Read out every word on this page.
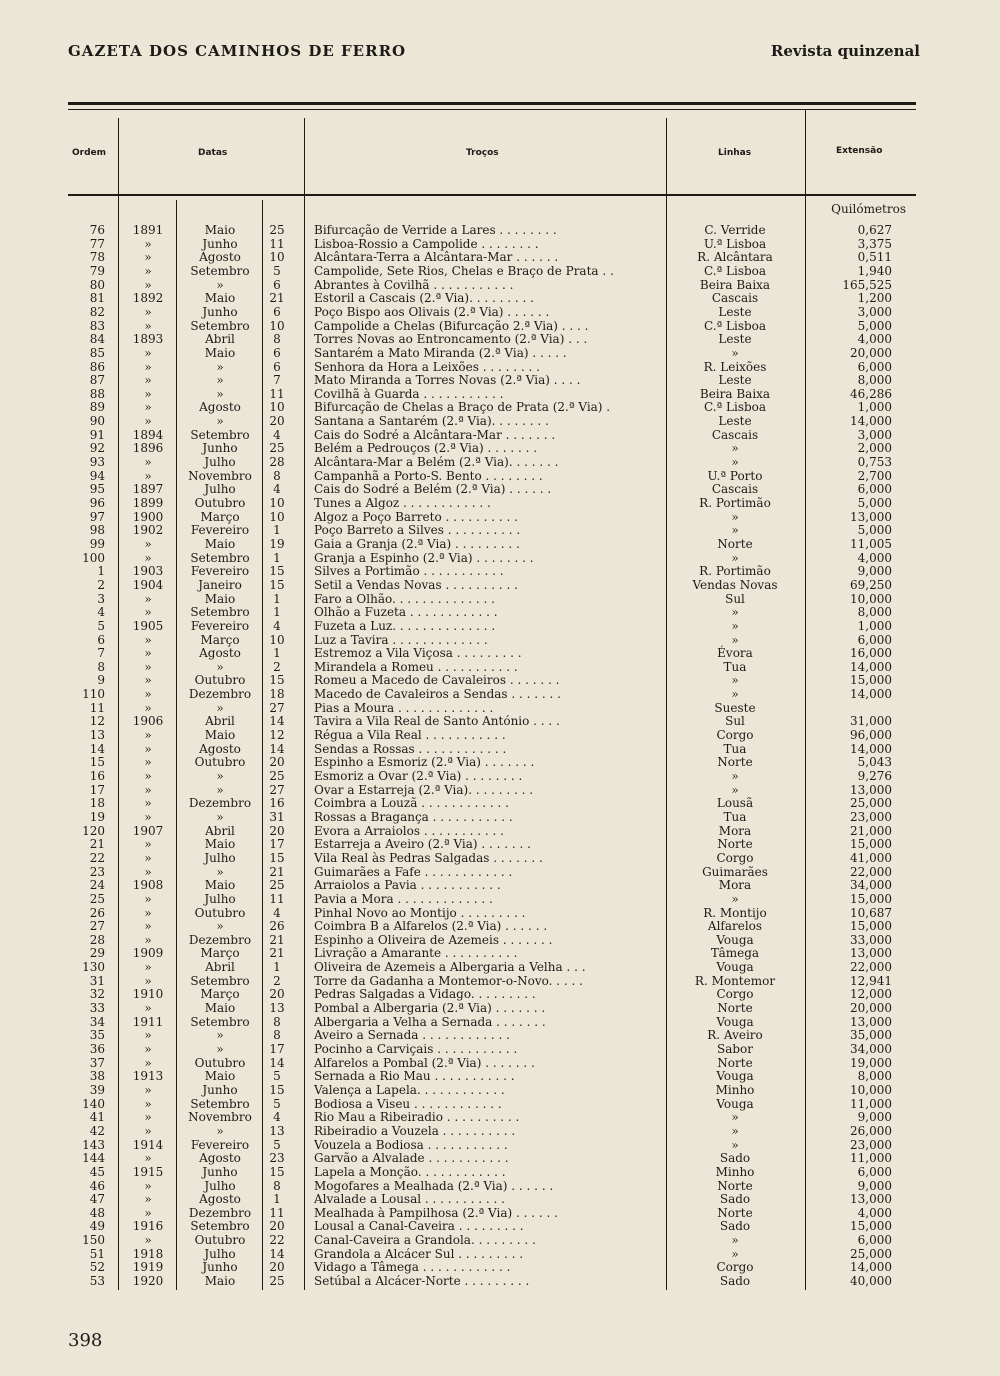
GAZETA DOS CAMINHOS DE FERRO	Revista quinzenal
Ordem	Datas	Troços	Linhas	Extensão
Quilómetros
76	1891	Maio	25	Bifurcação de Verride a Lares . . . . . . . .	C. Verride	0,627
77	»	Junho	11	Lisboa-Rossio a Campolide . . . . . . . .	U.ª Lisboa	3,375
78	»	Agosto	10	Alcântara-Terra a Alcântara-Mar . . . . . .	R. Alcântara	0,511
79	»	Setembro	5	Campolide, Sete Rios, Chelas e Braço de Prata . .	C.ª Lisboa	1,940
80	»	»	6	Abrantes à Covilhã . . . . . . . . . . .	Beira Baixa	165,525
81	1892	Maio	21	Estoril a Cascais (2.ª Via). . . . . . . . .	Cascais	1,200
82	»	Junho	6	Poço Bispo aos Olivais (2.ª Via) . . . . . .	Leste	3,000
83	»	Setembro	10	Campolide a Chelas (Bifurcação 2.ª Via) . . . .	C.ª Lisboa	5,000
84	1893	Abril	8	Torres Novas ao Entroncamento (2.ª Via) . . .	Leste	4,000
85	»	Maio	6	Santarém a Mato Miranda (2.ª Via) . . . . .	»	20,000
86	»	»	6	Senhora da Hora a Leixões . . . . . . . .	R. Leixões	6,000
87	»	»	7	Mato Miranda a Torres Novas (2.ª Via) . . . .	Leste	8,000
88	»	»	11	Covilhã à Guarda . . . . . . . . . . .	Beira Baixa	46,286
89	»	Agosto	10	Bifurcação de Chelas a Braço de Prata (2.ª Via) .	C.ª Lisboa	1,000
90	»	»	20	Santana a Santarém (2.ª Via). . . . . . . .	Leste	14,000
91	1894	Setembro	4	Cais do Sodré a Alcântara-Mar . . . . . . .	Cascais	3,000
92	1896	Junho	25	Belém a Pedrouços (2.ª Via) . . . . . . .	»	2,000
93	»	Julho	28	Alcântara-Mar a Belém (2.ª Via). . . . . . .	»	0,753
94	»	Novembro	8	Campanhã a Porto-S. Bento . . . . . . . .	U.ª Porto	2,700
95	1897	Julho	4	Cais do Sodré a Belém (2.ª Via) . . . . . .	Cascais	6,000
96	1899	Outubro	10	Tunes a Algoz . . . . . . . . . . . .	R. Portimão	5,000
97	1900	Março	10	Algoz a Poço Barreto . . . . . . . . . .	»	13,000
98	1902	Fevereiro	1	Poço Barreto a Silves . . . . . . . . . .	»	5,000
99	»	Maio	19	Gaia a Granja (2.ª Via) . . . . . . . . .	Norte	11,005
100	»	Setembro	1	Granja a Espinho (2.ª Via) . . . . . . . .	»	4,000
1	1903	Fevereiro	15	Silves a Portimão . . . . . . . . . . .	R. Portimão	9,000
2	1904	Janeiro	15	Setil a Vendas Novas . . . . . . . . . .	Vendas Novas	69,250
3	»	Maio	1	Faro a Olhão. . . . . . . . . . . . . .	Sul	10,000
4	»	Setembro	1	Olhão a Fuzeta . . . . . . . . . . . .	»	8,000
5	1905	Fevereiro	4	Fuzeta a Luz. . . . . . . . . . . . . .	»	1,000
6	»	Março	10	Luz a Tavira . . . . . . . . . . . . .	»	6,000
7	»	Agosto	1	Estremoz a Vila Viçosa . . . . . . . . .	Évora	16,000
8	»	»	2	Mirandela a Romeu . . . . . . . . . . .	Tua	14,000
9	»	Outubro	15	Romeu a Macedo de Cavaleiros . . . . . . .	»	15,000
110	»	Dezembro	18	Macedo de Cavaleiros a Sendas . . . . . . .	»	14,000
11	»	»	27	Pias a Moura . . . . . . . . . . . . .	Sueste
12	1906	Abril	14	Tavira a Vila Real de Santo António . . . .	Sul	31,000
13	»	Maio	12	Régua a Vila Real . . . . . . . . . . .	Corgo	96,000
14	»	Agosto	14	Sendas a Rossas . . . . . . . . . . . .	Tua	14,000
15	»	Outubro	20	Espinho a Esmoriz (2.ª Via) . . . . . . .	Norte	5,043
16	»	»	25	Esmoriz a Ovar (2.ª Via) . . . . . . . .	»	9,276
17	»	»	27	Ovar a Estarreja (2.ª Via). . . . . . . . .	»	13,000
18	»	Dezembro	16	Coimbra a Louzã . . . . . . . . . . . .	Lousã	25,000
19	»	»	31	Rossas a Bragança . . . . . . . . . . .	Tua	23,000
120	1907	Abril	20	Évora a Arraiolos . . . . . . . . . . .	Mora	21,000
21	»	Maio	17	Estarreja a Aveiro (2.ª Via) . . . . . . .	Norte	15,000
22	»	Julho	15	Vila Real às Pedras Salgadas . . . . . . .	Corgo	41,000
23	»	»	21	Guimarães a Fafe . . . . . . . . . . . .	Guimarães	22,000
24	1908	Maio	25	Arraiolos a Pavia . . . . . . . . . . .	Mora	34,000
25	»	Julho	11	Pavia a Mora . . . . . . . . . . . . .	»	15,000
26	»	Outubro	4	Pinhal Novo ao Montijo . . . . . . . . .	R. Montijo	10,687
27	»	»	26	Coimbra B a Alfarelos (2.ª Via) . . . . . .	Alfarelos	15,000
28	»	Dezembro	21	Espinho a Oliveira de Azemeis . . . . . . .	Vouga	33,000
29	1909	Março	21	Livração a Amarante . . . . . . . . . .	Tâmega	13,000
130	»	Abril	1	Oliveira de Azemeis a Albergaria a Velha . . .	Vouga	22,000
31	»	Setembro	2	Torre da Gadanha a Montemor-o-Novo. . . . .	R. Montemor	12,941
32	1910	Março	20	Pedras Salgadas a Vidago. . . . . . . . .	Corgo	12,000
33	»	Maio	13	Pombal a Albergaria (2.ª Via) . . . . . . .	Norte	20,000
34	1911	Setembro	8	Albergaria a Velha a Sernada . . . . . . .	Vouga	13,000
35	»	»	8	Aveiro a Sernada . . . . . . . . . . . .	R. Aveiro	35,000
36	»	»	17	Pocinho a Carviçais . . . . . . . . . . .	Sabor	34,000
37	»	Outubro	14	Alfarelos a Pombal (2.ª Via) . . . . . . .	Norte	19,000
38	1913	Maio	5	Sernada a Rio Mau . . . . . . . . . . .	Vouga	8,000
39	»	Junho	15	Valença a Lapela. . . . . . . . . . . .	Minho	10,000
140	»	Setembro	5	Bodiosa a Viseu . . . . . . . . . . . .	Vouga	11,000
41	»	Novembro	4	Rio Mau a Ribeiradio . . . . . . . . . .	»	9,000
42	»	»	13	Ribeiradio a Vouzela . . . . . . . . . .	»	26,000
143	1914	Fevereiro	5	Vouzela a Bodiosa . . . . . . . . . . .	»	23,000
144	»	Agosto	23	Garvão a Alvalade . . . . . . . . . . .	Sado	11,000
45	1915	Junho	15	Lapela a Monção. . . . . . . . . . . .	Minho	6,000
46	»	Julho	8	Mogofares a Mealhada (2.ª Via) . . . . . .	Norte	9,000
47	»	Agosto	1	Alvalade a Lousal . . . . . . . . . . .	Sado	13,000
48	»	Dezembro	11	Mealhada à Pampilhosa (2.ª Via) . . . . . .	Norte	4,000
49	1916	Setembro	20	Lousal a Canal-Caveira . . . . . . . . .	Sado	15,000
150	»	Outubro	22	Canal-Caveira a Grandola. . . . . . . . .	»	6,000
51	1918	Julho	14	Grandola a Alcácer Sul . . . . . . . . .	»	25,000
52	1919	Junho	20	Vidago a Tâmega . . . . . . . . . . . .	Corgo	14,000
53	1920	Maio	25	Setúbal a Alcácer-Norte . . . . . . . . .	Sado	40,000
398
